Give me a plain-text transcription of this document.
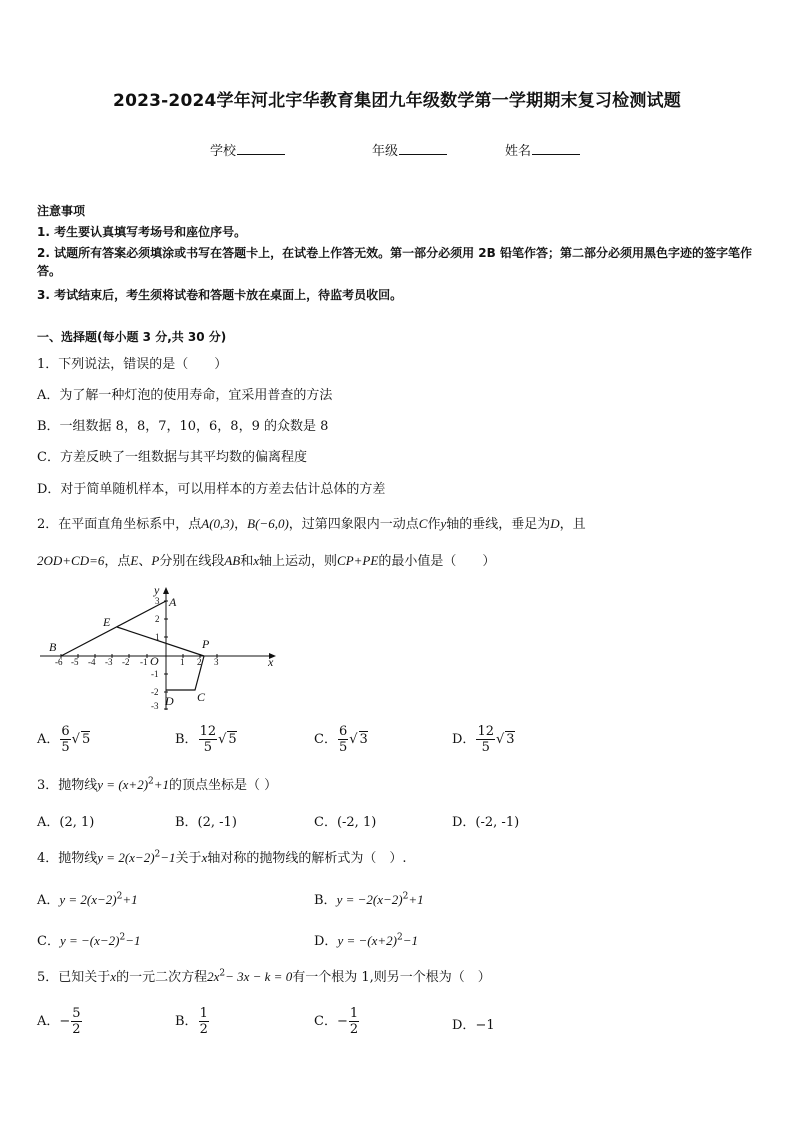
2023-2024学年河北宇华教育集团九年级数学第一学期期末复习检测试题
学校	年级	姓名
注意事项
1. 考生要认真填写考场号和座位序号。
2. 试题所有答案必须填涂或书写在答题卡上，在试卷上作答无效。第一部分必须用 2B 铅笔作答；第二部分必须用黑色字迹的签字笔作答。
3. 考试结束后，考生须将试卷和答题卡放在桌面上，待监考员收回。
一、选择题(每小题 3 分,共 30 分)
1．下列说法，错误的是（　　）
A．为了解一种灯泡的使用寿命，宜采用普查的方法
B．一组数据 8，8，7，10，6，8，9 的众数是 8
C．方差反映了一组数据与其平均数的偏离程度
D．对于简单随机样本，可以用样本的方差去估计总体的方差
2．在平面直角坐标系中，点A(0,3)，B(−6,0)，过第四象限内一动点C作y轴的垂线，垂足为D，且
2OD+CD=6，点E、P分别在线段AB和x轴上运动，则CP+PE的最小值是（　　）
-6 -5 -4 -3 -2 -1	1 2 3
3
2
1
-1
-2
-3
A
B
E
P
C
D
O	x
y
A． $\frac{6}{5}$ √ 5	B． $\frac{12}{5}$ √ 5	C． $\frac{6}{5}$ √ 3	D． $\frac{12}{5}$ √ 3
3．抛物线$y = (x+2)^2+1$的顶点坐标是（ ）
A．(2, 1)	B．(2, -1)	C．(-2, 1)	D．(-2, -1)
4．抛物线$y = 2(x-2)^2-1$关于x轴对称的抛物线的解析式为（　）.
A．$y = 2(x-2)^2+1$	B．$y = -2(x-2)^2+1$
C．$y = -(x-2)^2-1$	D．$y = -(x+2)^2-1$
5．已知关于x的一元二次方程$2x^2- 3x - k = 0$有一个根为 1,则另一个根为（　）
A．− $\frac{5}{2}$	B． $\frac{1}{2}$	C．− $\frac{1}{2}$	D．−1
